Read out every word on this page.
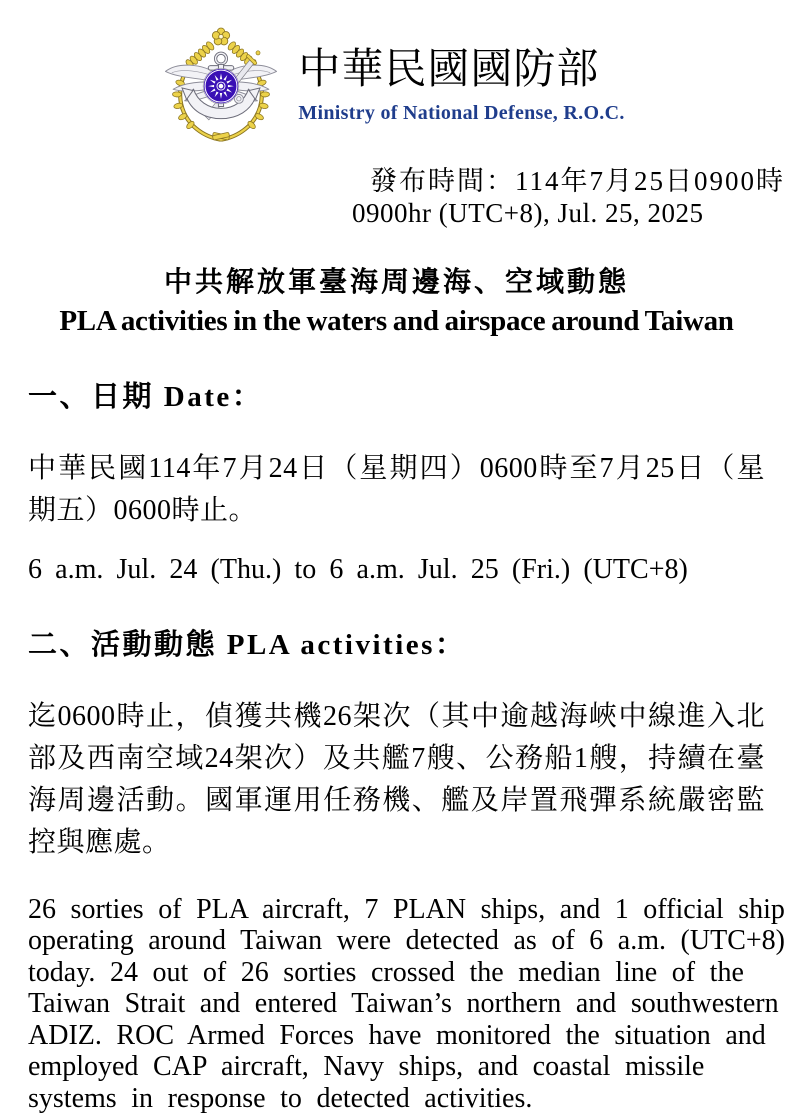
中華民國國防部
Ministry of National Defense, R.O.C.
發布時間：114年7月25日0900時
0900hr (UTC+8), Jul. 25, 2025
中共解放軍臺海周邊海、空域動態
PLA activities in the waters and airspace around Taiwan
一、日期 Date：
中華民國114年7月24日（星期四）0600時至7月25日（星
期五）0600時止。
6 a.m. Jul. 24 (Thu.) to 6 a.m. Jul. 25 (Fri.) (UTC+8)
二、活動動態 PLA activities：
迄0600時止，偵獲共機26架次（其中逾越海峽中線進入北
部及西南空域24架次）及共艦7艘、公務船1艘，持續在臺
海周邊活動。國軍運用任務機、艦及岸置飛彈系統嚴密監
控與應處。
26 sorties of PLA aircraft, 7 PLAN ships, and 1 official ship
operating around Taiwan were detected as of 6 a.m. (UTC+8)
today. 24 out of 26 sorties crossed the median line of the
Taiwan Strait and entered Taiwan’s northern and southwestern
ADIZ. ROC Armed Forces have monitored the situation and
employed CAP aircraft, Navy ships, and coastal missile
systems in response to detected activities.
